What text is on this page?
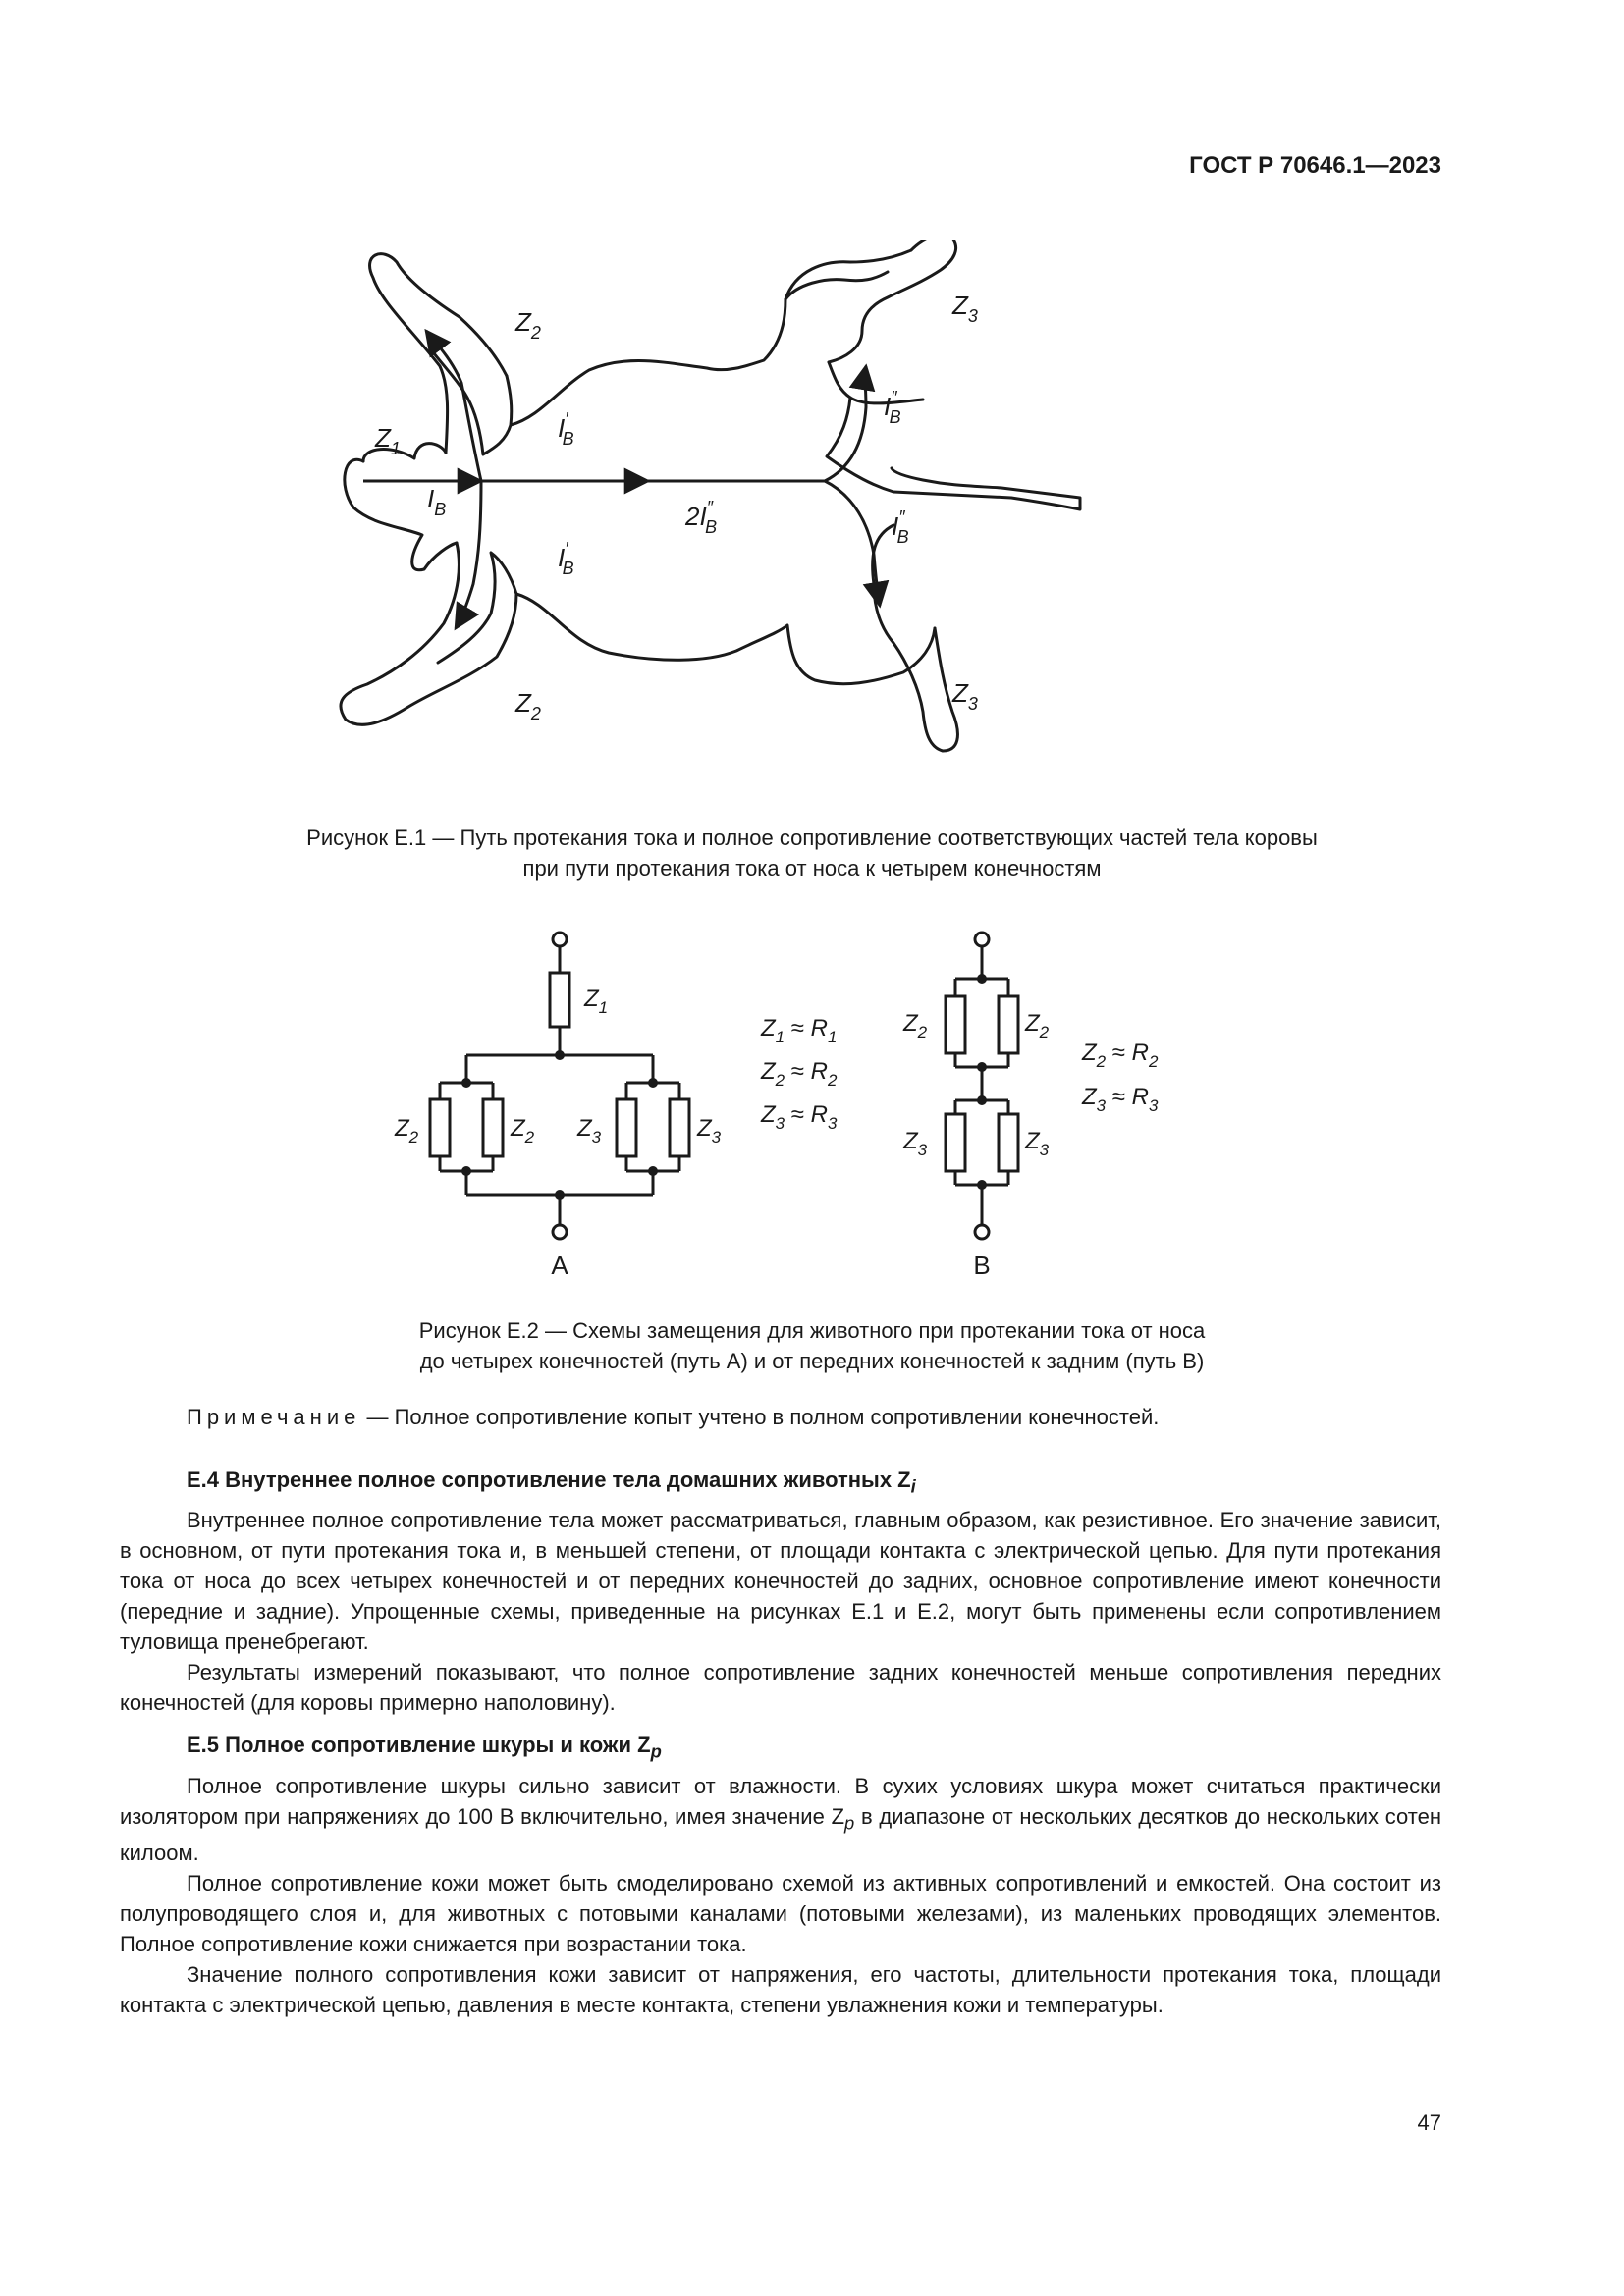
ГОСТ Р 70646.1—2023
$Z_1$
$Z_2$
$Z_2$
$Z_3$
$Z_3$
$I_B$
I′ B
I′ B
2I″ B
I″ B
I″ B
Рисунок Е.1 — Путь протекания тока и полное сопротивление соответствующих частей тела коровы
при пути протекания тока от носа к четырем конечностям
$Z_1$
$Z_2$	$Z_2$ $Z_3$	$Z_3$
$Z_2$	$Z_2$
$Z_3$	$Z_3$
$Z_1 \approx R_1$
$Z_2 \approx R_2$
$Z_3 \approx R_3$
$Z_2 \approx R_2$
$Z_3 \approx R_3$
A	B
Рисунок Е.2 — Схемы замещения для животного при протекании тока от носа
до четырех конечностей (путь А) и от передних конечностей к задним (путь В)
Примечание — Полное сопротивление копыт учтено в полном сопротивлении конечностей.

Е.4 Внутреннее полное сопротивление тела домашних животных $Z_i$

Внутреннее полное сопротивление тела может рассматриваться, главным образом, как резистивное. Его значение зависит, в основном, от пути протекания тока и, в меньшей степени, от площади контакта с электрической цепью. Для пути протекания тока от носа до всех четырех конечностей и от передних конечностей до задних, основное сопротивление имеют конечности (передние и задние). Упрощенные схемы, приведенные на рисунках Е.1 и Е.2, могут быть применены если сопротивлением туловища пренебрегают.

Результаты измерений показывают, что полное сопротивление задних конечностей меньше сопротивления передних конечностей (для коровы примерно наполовину).

Е.5 Полное сопротивление шкуры и кожи $Z_p$

Полное сопротивление шкуры сильно зависит от влажности. В сухих условиях шкура может считаться практически изолятором при напряжениях до 100 В включительно, имея значение $Z_p$ в диапазоне от нескольких десятков до нескольких сотен килоом.

Полное сопротивление кожи может быть смоделировано схемой из активных сопротивлений и емкостей. Она состоит из полупроводящего слоя и, для животных с потовыми каналами (потовыми железами), из маленьких проводящих элементов. Полное сопротивление кожи снижается при возрастании тока.

Значение полного сопротивления кожи зависит от напряжения, его частоты, длительности протекания тока, площади контакта с электрической цепью, давления в месте контакта, степени увлажнения кожи и температуры.

47
